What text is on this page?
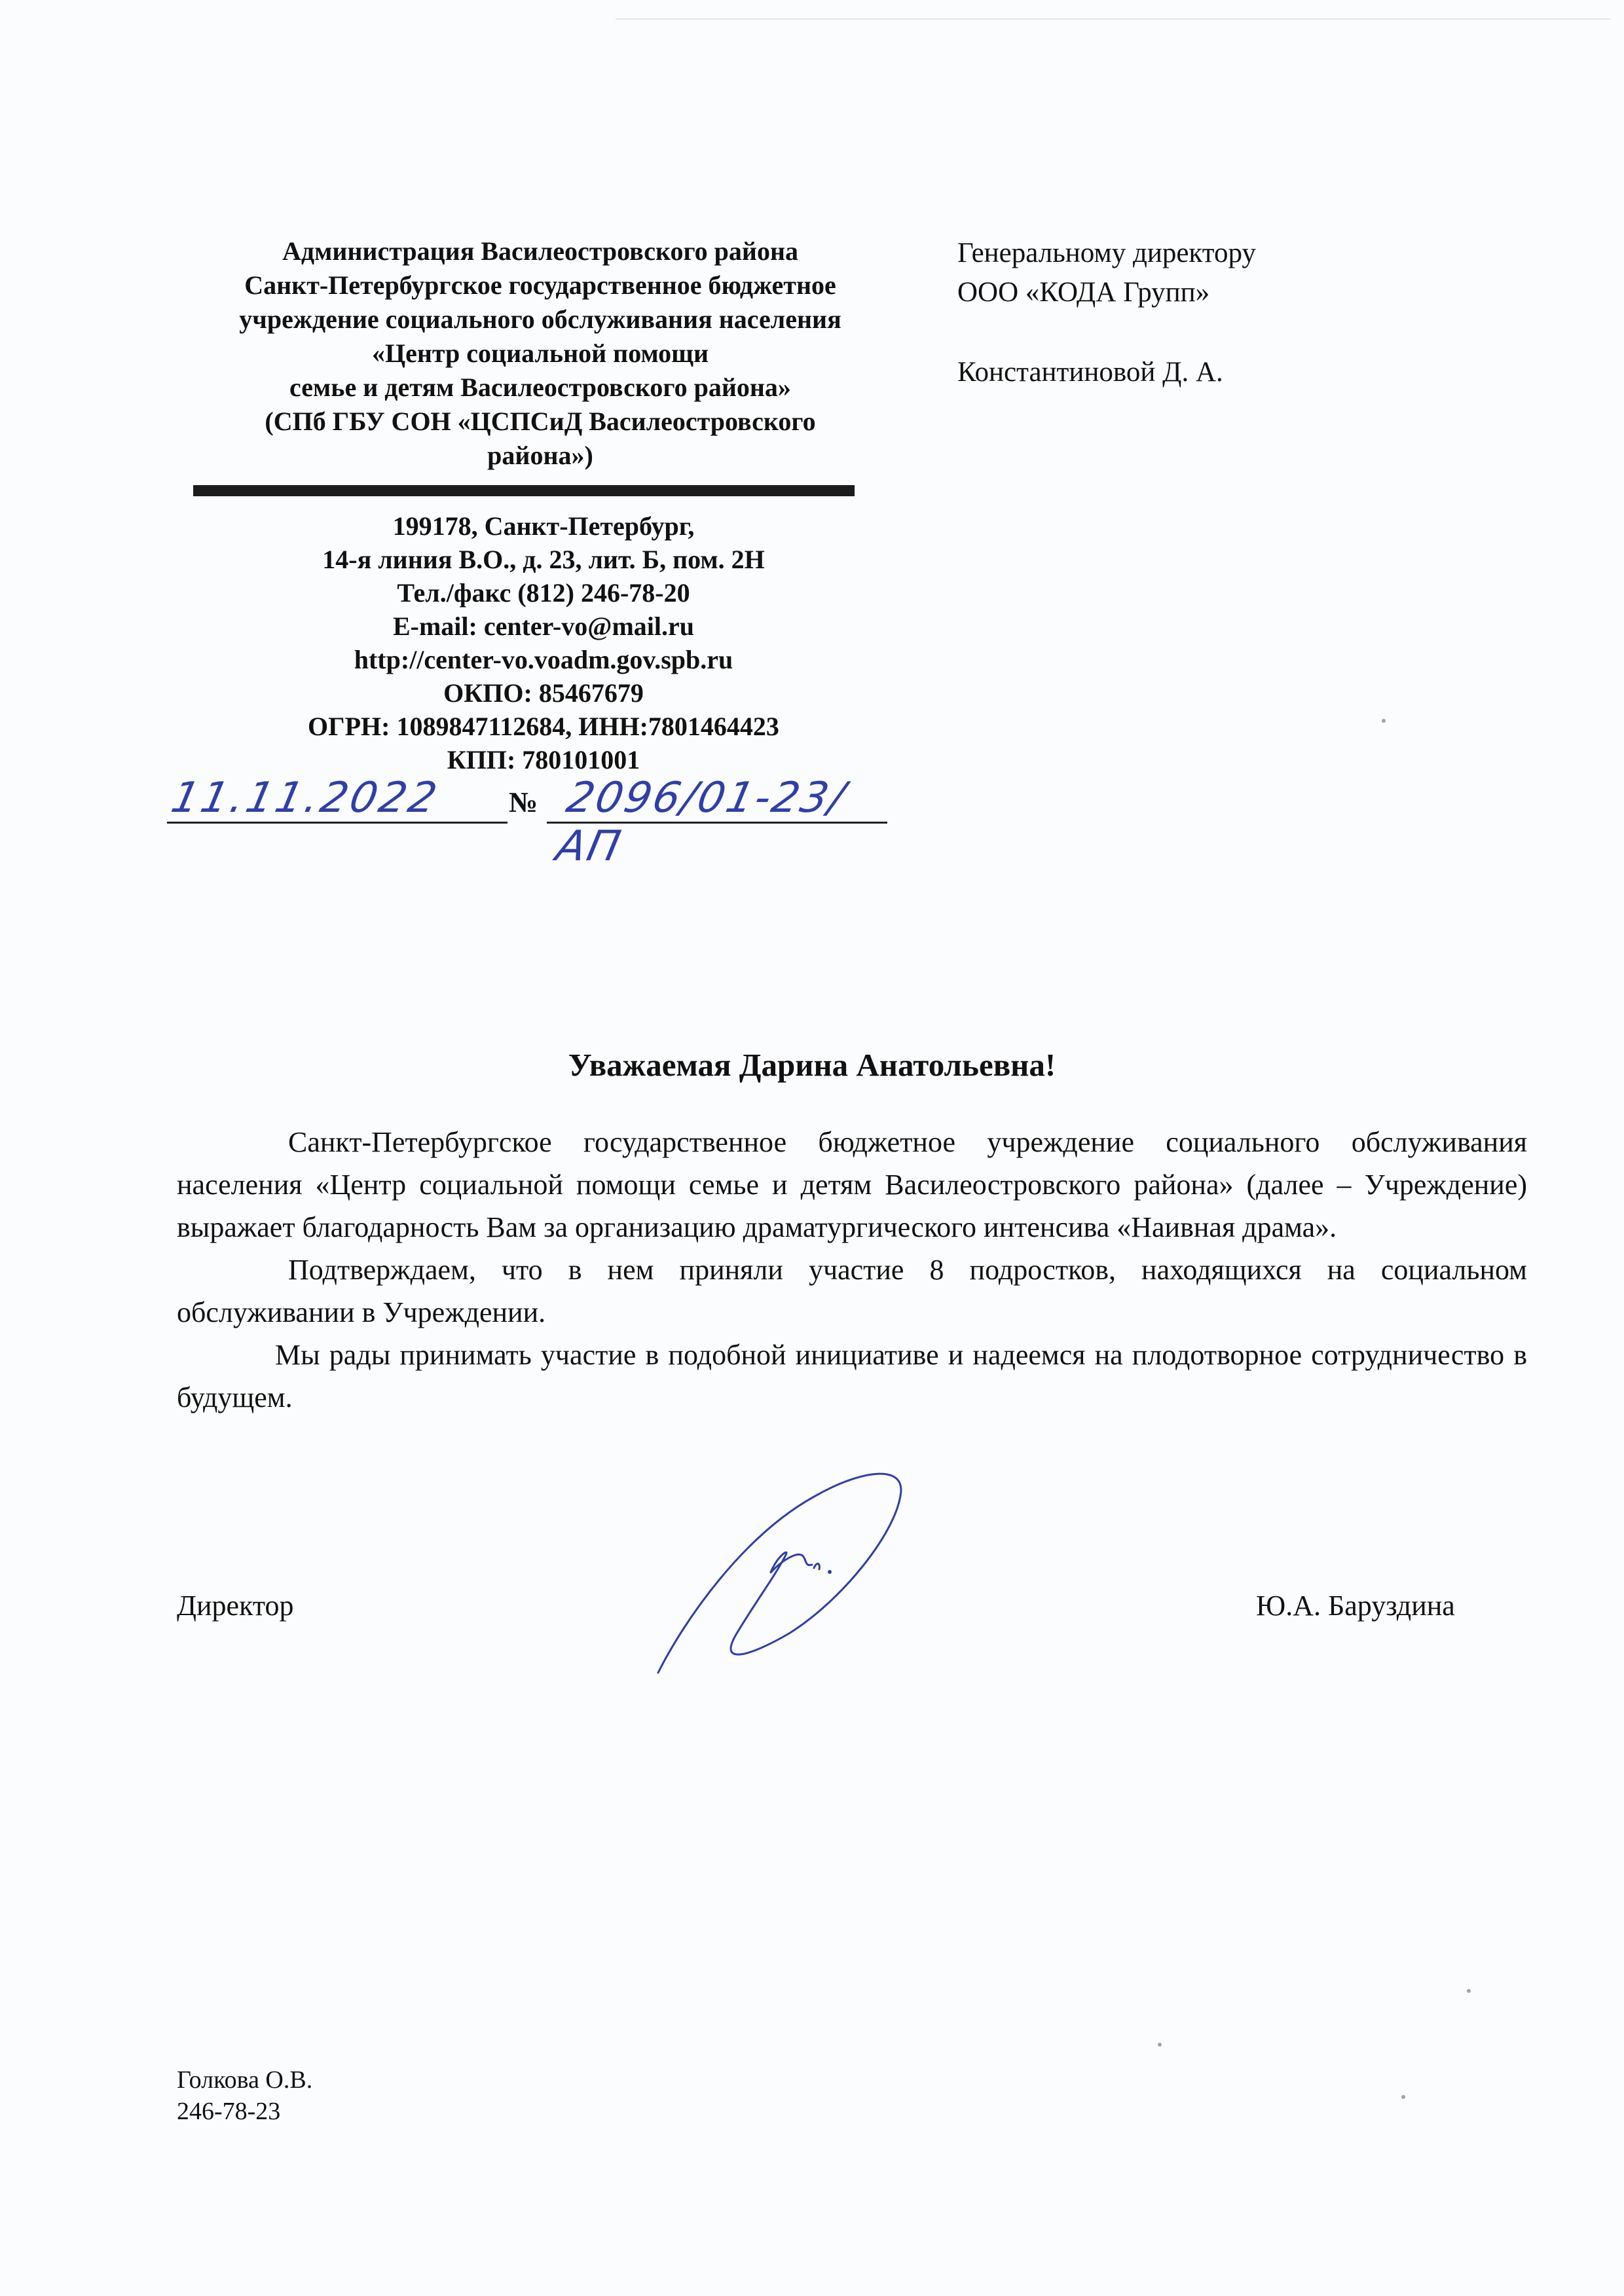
Администрация Василеостровского района
Санкт-Петербургское государственное бюджетное
учреждение социального обслуживания населения
«Центр социальной помощи
семье и детям Василеостровского района»
(СПб ГБУ СОН «ЦСПСиД Василеостровского
района»)
199178, Санкт-Петербург,
14-я линия В.О., д. 23, лит. Б, пом. 2Н
Тел./факс (812) 246-78-20
E-mail: center-vo@mail.ru
http://center-vo.voadm.gov.spb.ru
ОКПО: 85467679
ОГРН: 1089847112684, ИНН:7801464423
КПП: 780101001
Генеральному директору
ООО «КОДА Групп»
Константиновой Д. А.
11.11.2022 № 2096/01-23/АП
Уважаемая Дарина Анатольевна!

Санкт-Петербургское государственное бюджетное учреждение социального обслуживания населения «Центр социальной помощи семье и детям Василеостровского района» (далее – Учреждение) выражает благодарность Вам за организацию драматургического интенсива «Наивная драма».

Подтверждаем, что в нем приняли участие 8 подростков, находящихся на социальном обслуживании в Учреждении.

Мы рады принимать участие в подобной инициативе и надеемся на плодотворное сотрудничество в будущем.

Директор	Ю.А. Баруздина
Голкова О.В.
246-78-23
